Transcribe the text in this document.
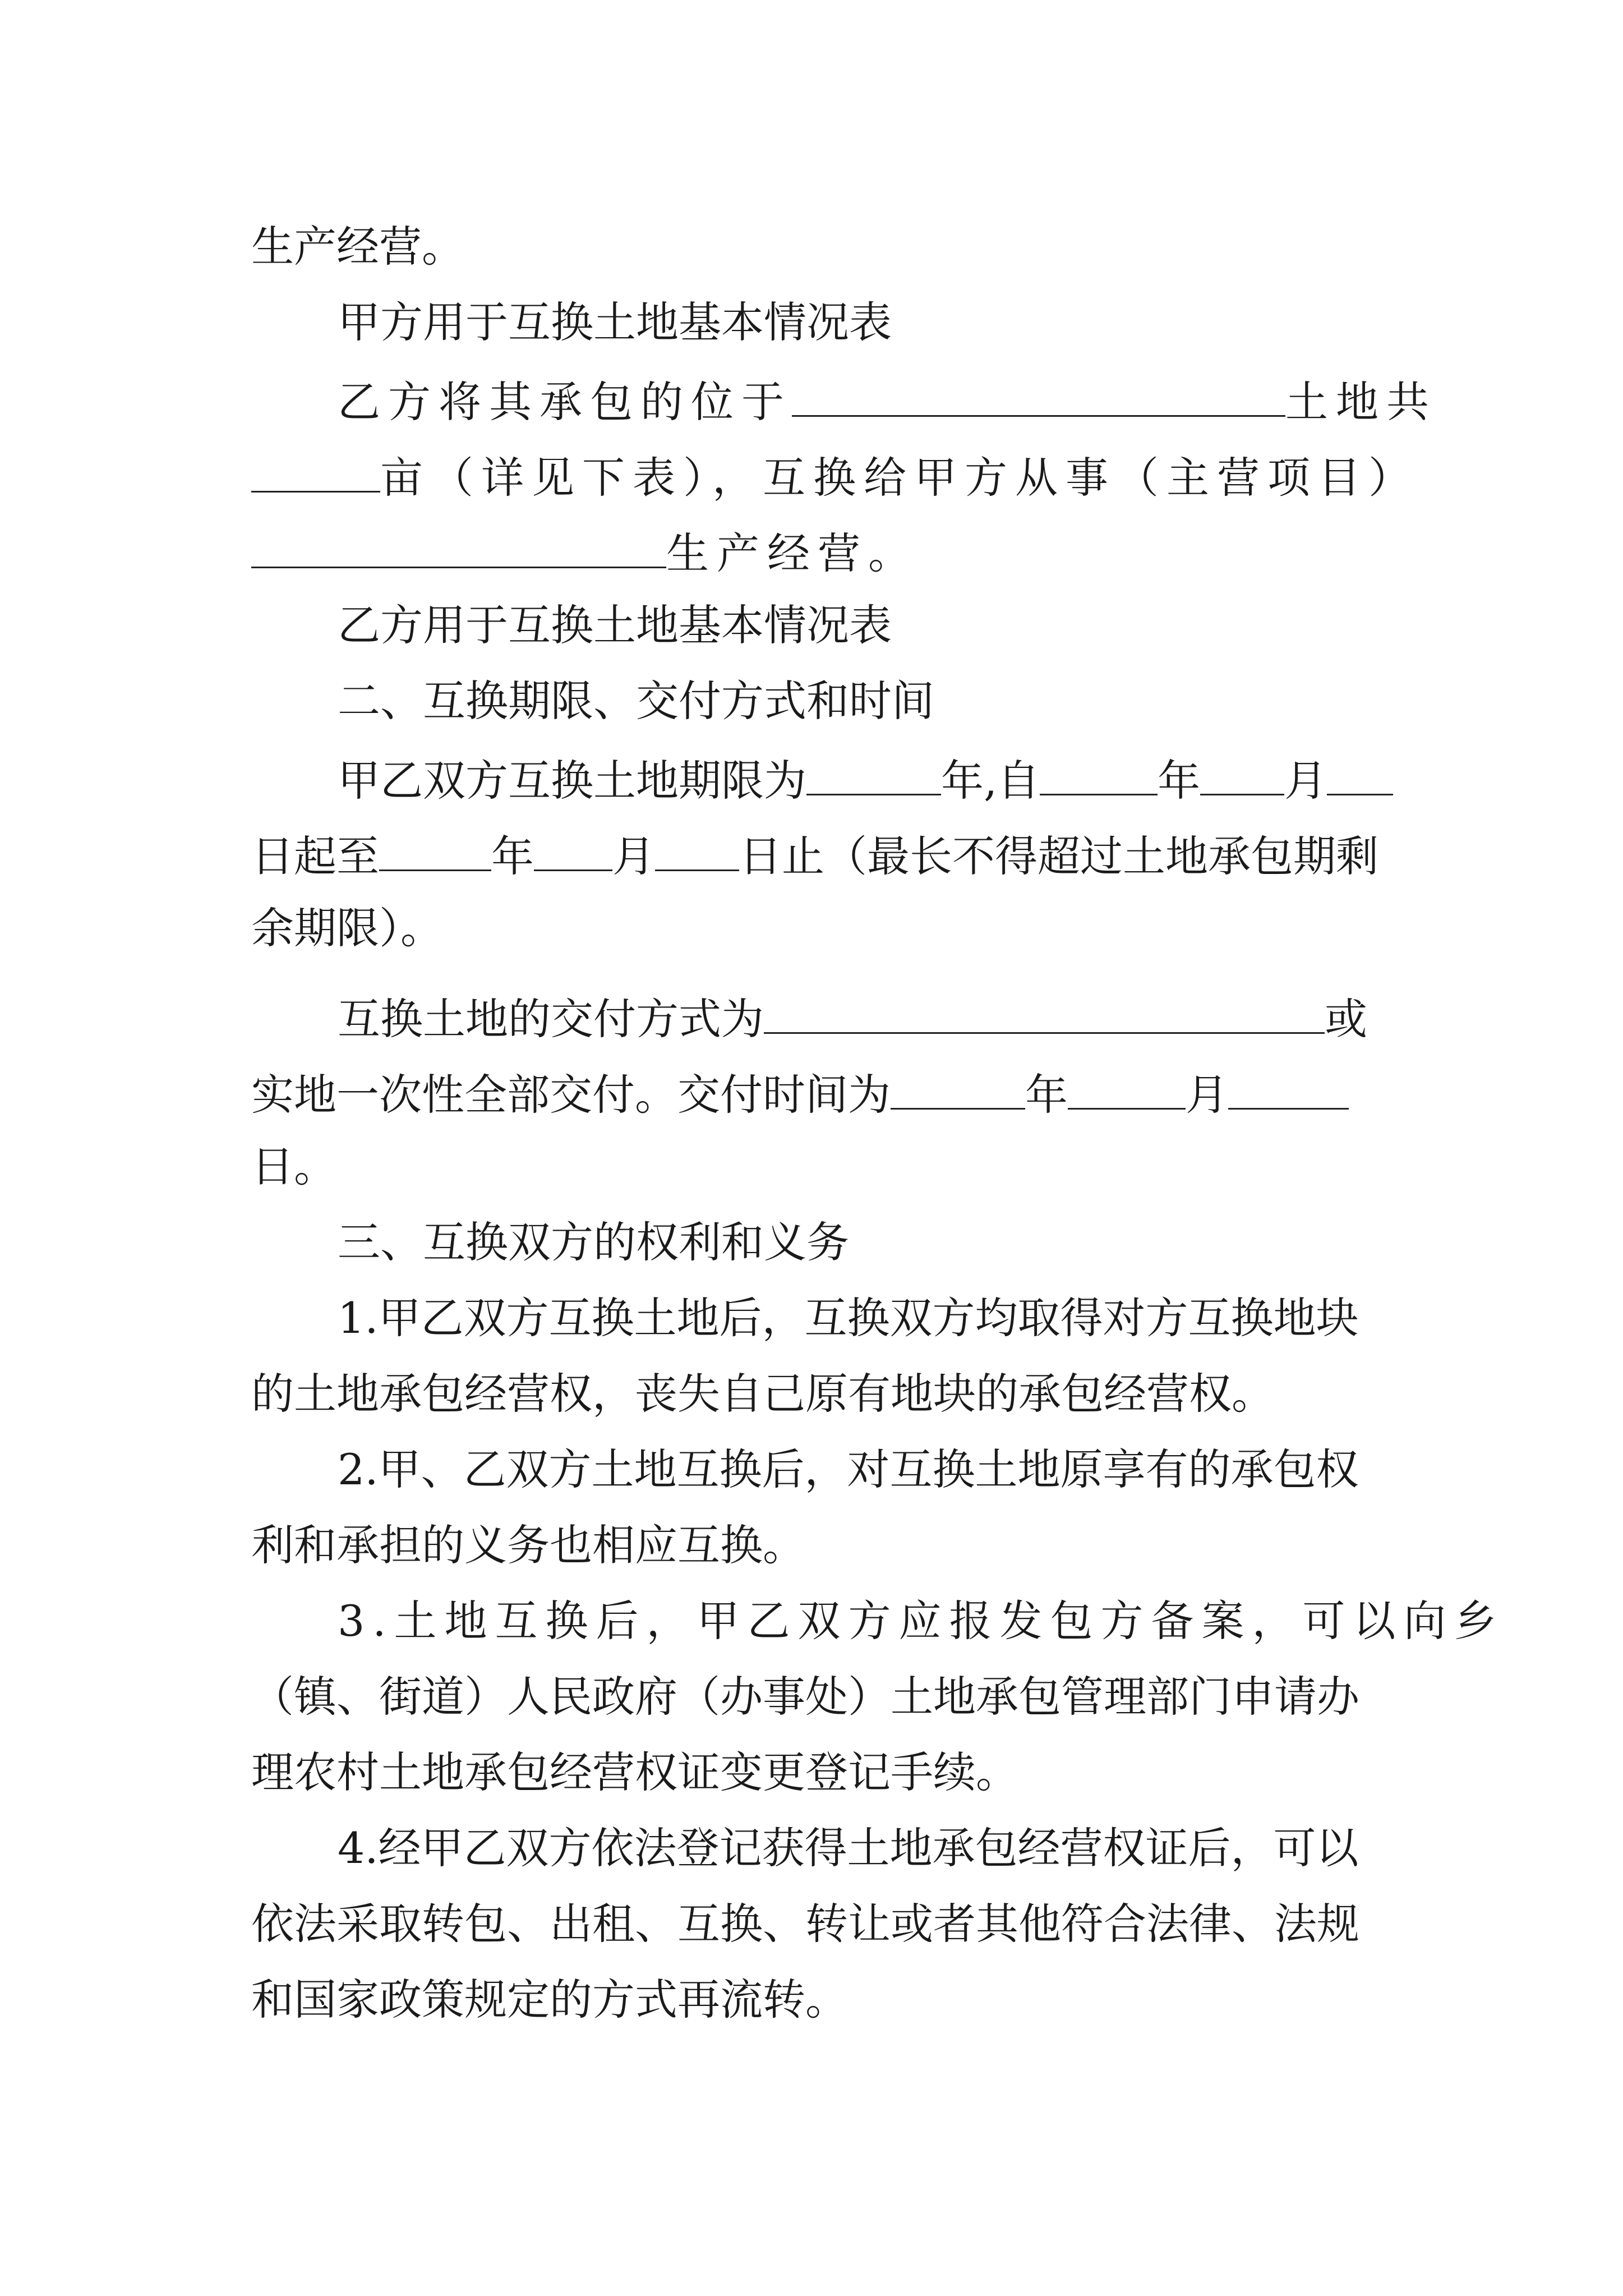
生产经营。
甲方用于互换土地基本情况表
乙方将其承包的位于	土地共
亩（详见下表），互换给甲方从事（主营项目）
生产经营。
乙方用于互换土地基本情况表
二、互换期限、交付方式和时间
甲乙双方互换土地期限为	年,自	年 月
日起至	年 月 日止（最长不得超过土地承包期剩
余期限）。
互换土地的交付方式为	或
实地一次性全部交付。交付时间为	年	月
日。
三、互换双方的权利和义务
1.甲乙双方互换土地后，互换双方均取得对方互换地块
的土地承包经营权，丧失自己原有地块的承包经营权。
2.甲、乙双方土地互换后，对互换土地原享有的承包权
利和承担的义务也相应互换。
3.土地互换后，甲乙双方应报发包方备案，可以向乡
（镇、街道）人民政府（办事处）土地承包管理部门申请办
理农村土地承包经营权证变更登记手续。
4.经甲乙双方依法登记获得土地承包经营权证后，可以
依法采取转包、出租、互换、转让或者其他符合法律、法规
和国家政策规定的方式再流转。
